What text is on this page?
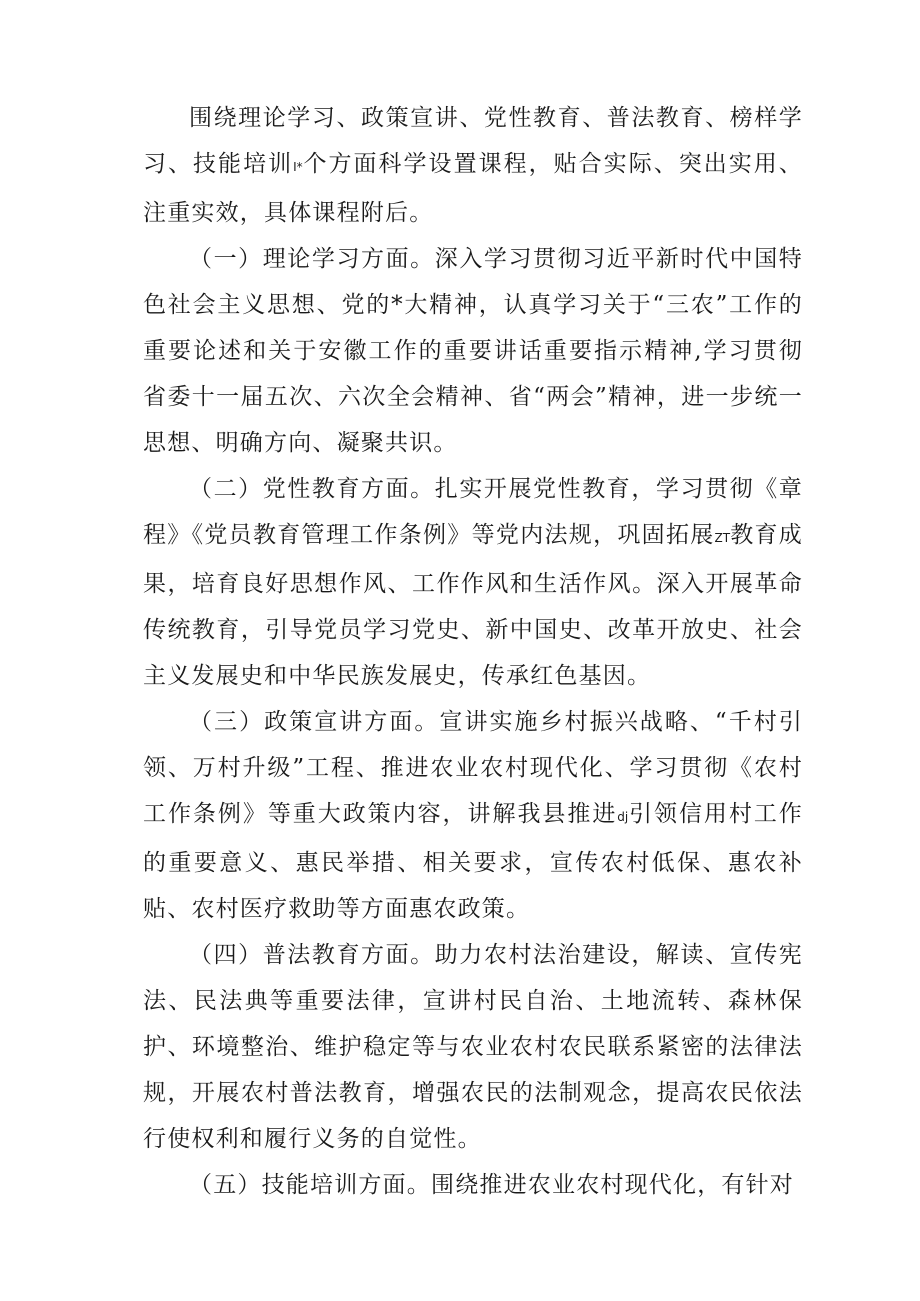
围绕理论学习、政策宣讲、党性教育、普法教育、榜样学习、技能培训I*个方面科学设置课程，贴合实际、突出实用、注重实效，具体课程附后。

（一）理论学习方面。深入学习贯彻习近平新时代中国特色社会主义思想、党的*大精神，认真学习关于“三农”工作的重要论述和关于安徽工作的重要讲话重要指示精神,学习贯彻省委十一届五次、六次全会精神、省“两会”精神，进一步统一思想、明确方向、凝聚共识。

（二）党性教育方面。扎实开展党性教育，学习贯彻《章程》《党员教育管理工作条例》等党内法规，巩固拓展ZT教育成果，培育良好思想作风、工作作风和生活作风。深入开展革命传统教育，引导党员学习党史、新中国史、改革开放史、社会主义发展史和中华民族发展史，传承红色基因。

（三）政策宣讲方面。宣讲实施乡村振兴战略、“千村引领、万村升级”工程、推进农业农村现代化、学习贯彻《农村工作条例》等重大政策内容，讲解我县推进dj引领信用村工作的重要意义、惠民举措、相关要求，宣传农村低保、惠农补贴、农村医疗救助等方面惠农政策。

（四）普法教育方面。助力农村法治建设，解读、宣传宪法、民法典等重要法律，宣讲村民自治、土地流转、森林保护、环境整治、维护稳定等与农业农村农民联系紧密的法律法规，开展农村普法教育，增强农民的法制观念，提高农民依法行使权利和履行义务的自觉性。

（五）技能培训方面。围绕推进农业农村现代化，有针对
